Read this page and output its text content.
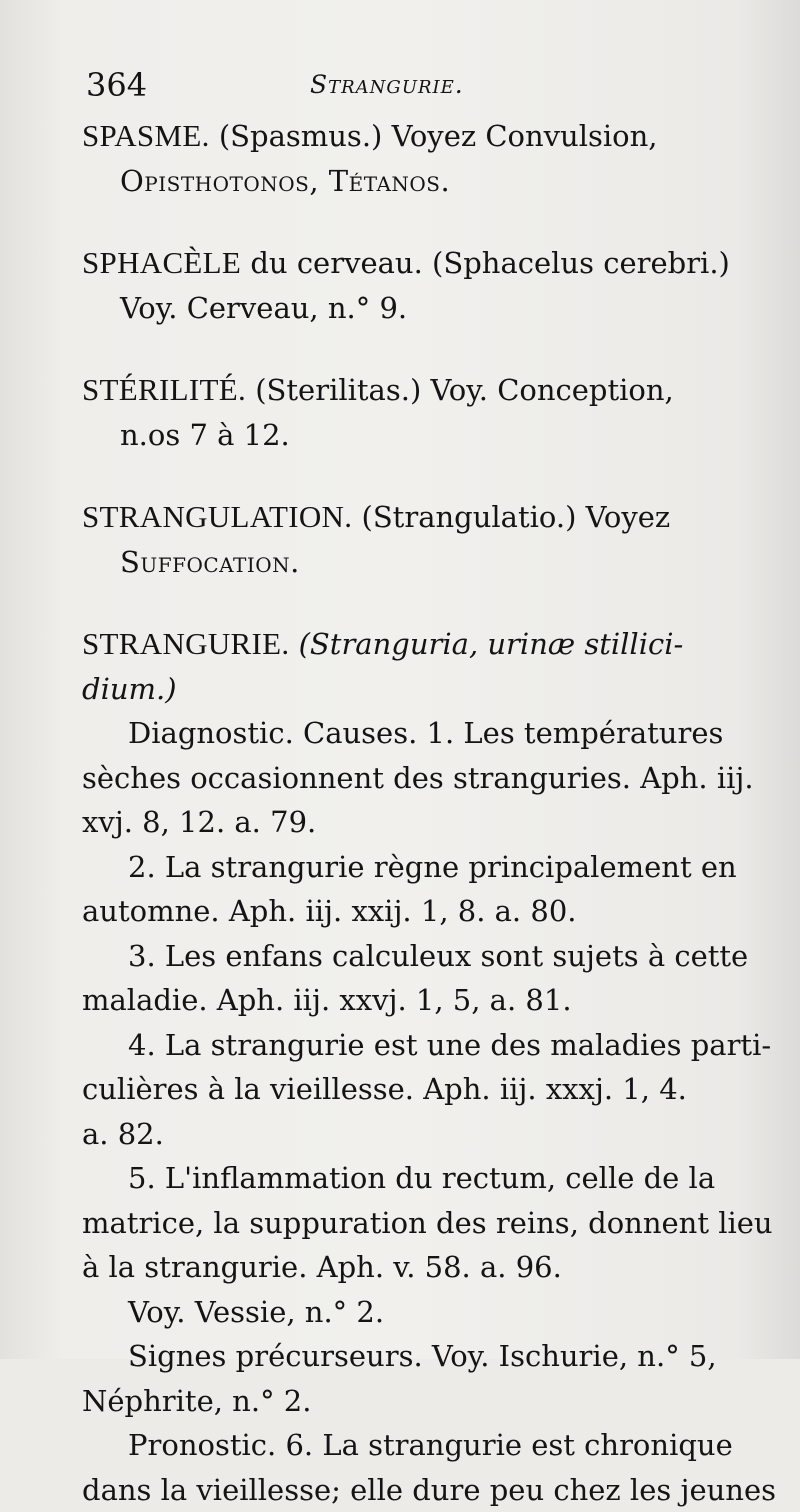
364	Strangurie.
SPASME. (Spasmus.) Voyez Convulsion,
Opisthotonos, Tétanos.
SPHACÈLE du cerveau. (Sphacelus cerebri.)
Voy. Cerveau, n.° 9.
STÉRILITÉ. (Sterilitas.) Voy. Conception,
n.os 7 à 12.
STRANGULATION. (Strangulatio.) Voyez
Suffocation.
STRANGURIE. (Stranguria, urinæ stillici-
dium.)
Diagnostic. Causes. 1. Les températures
sèches occasionnent des stranguries. Aph. iij.
xvj. 8, 12. a. 79.
2. La strangurie règne principalement en
automne. Aph. iij. xxij. 1, 8. a. 80.
3. Les enfans calculeux sont sujets à cette
maladie. Aph. iij. xxvj. 1, 5, a. 81.
4. La strangurie est une des maladies parti-
culières à la vieillesse. Aph. iij. xxxj. 1, 4.
a. 82.
5. L'inflammation du rectum, celle de la
matrice, la suppuration des reins, donnent lieu
à la strangurie. Aph. v. 58. a. 96.
Voy. Vessie, n.° 2.
Signes précurseurs. Voy. Ischurie, n.° 5,
Néphrite, n.° 2.
Pronostic. 6. La strangurie est chronique
dans la vieillesse; elle dure peu chez les jeunes
